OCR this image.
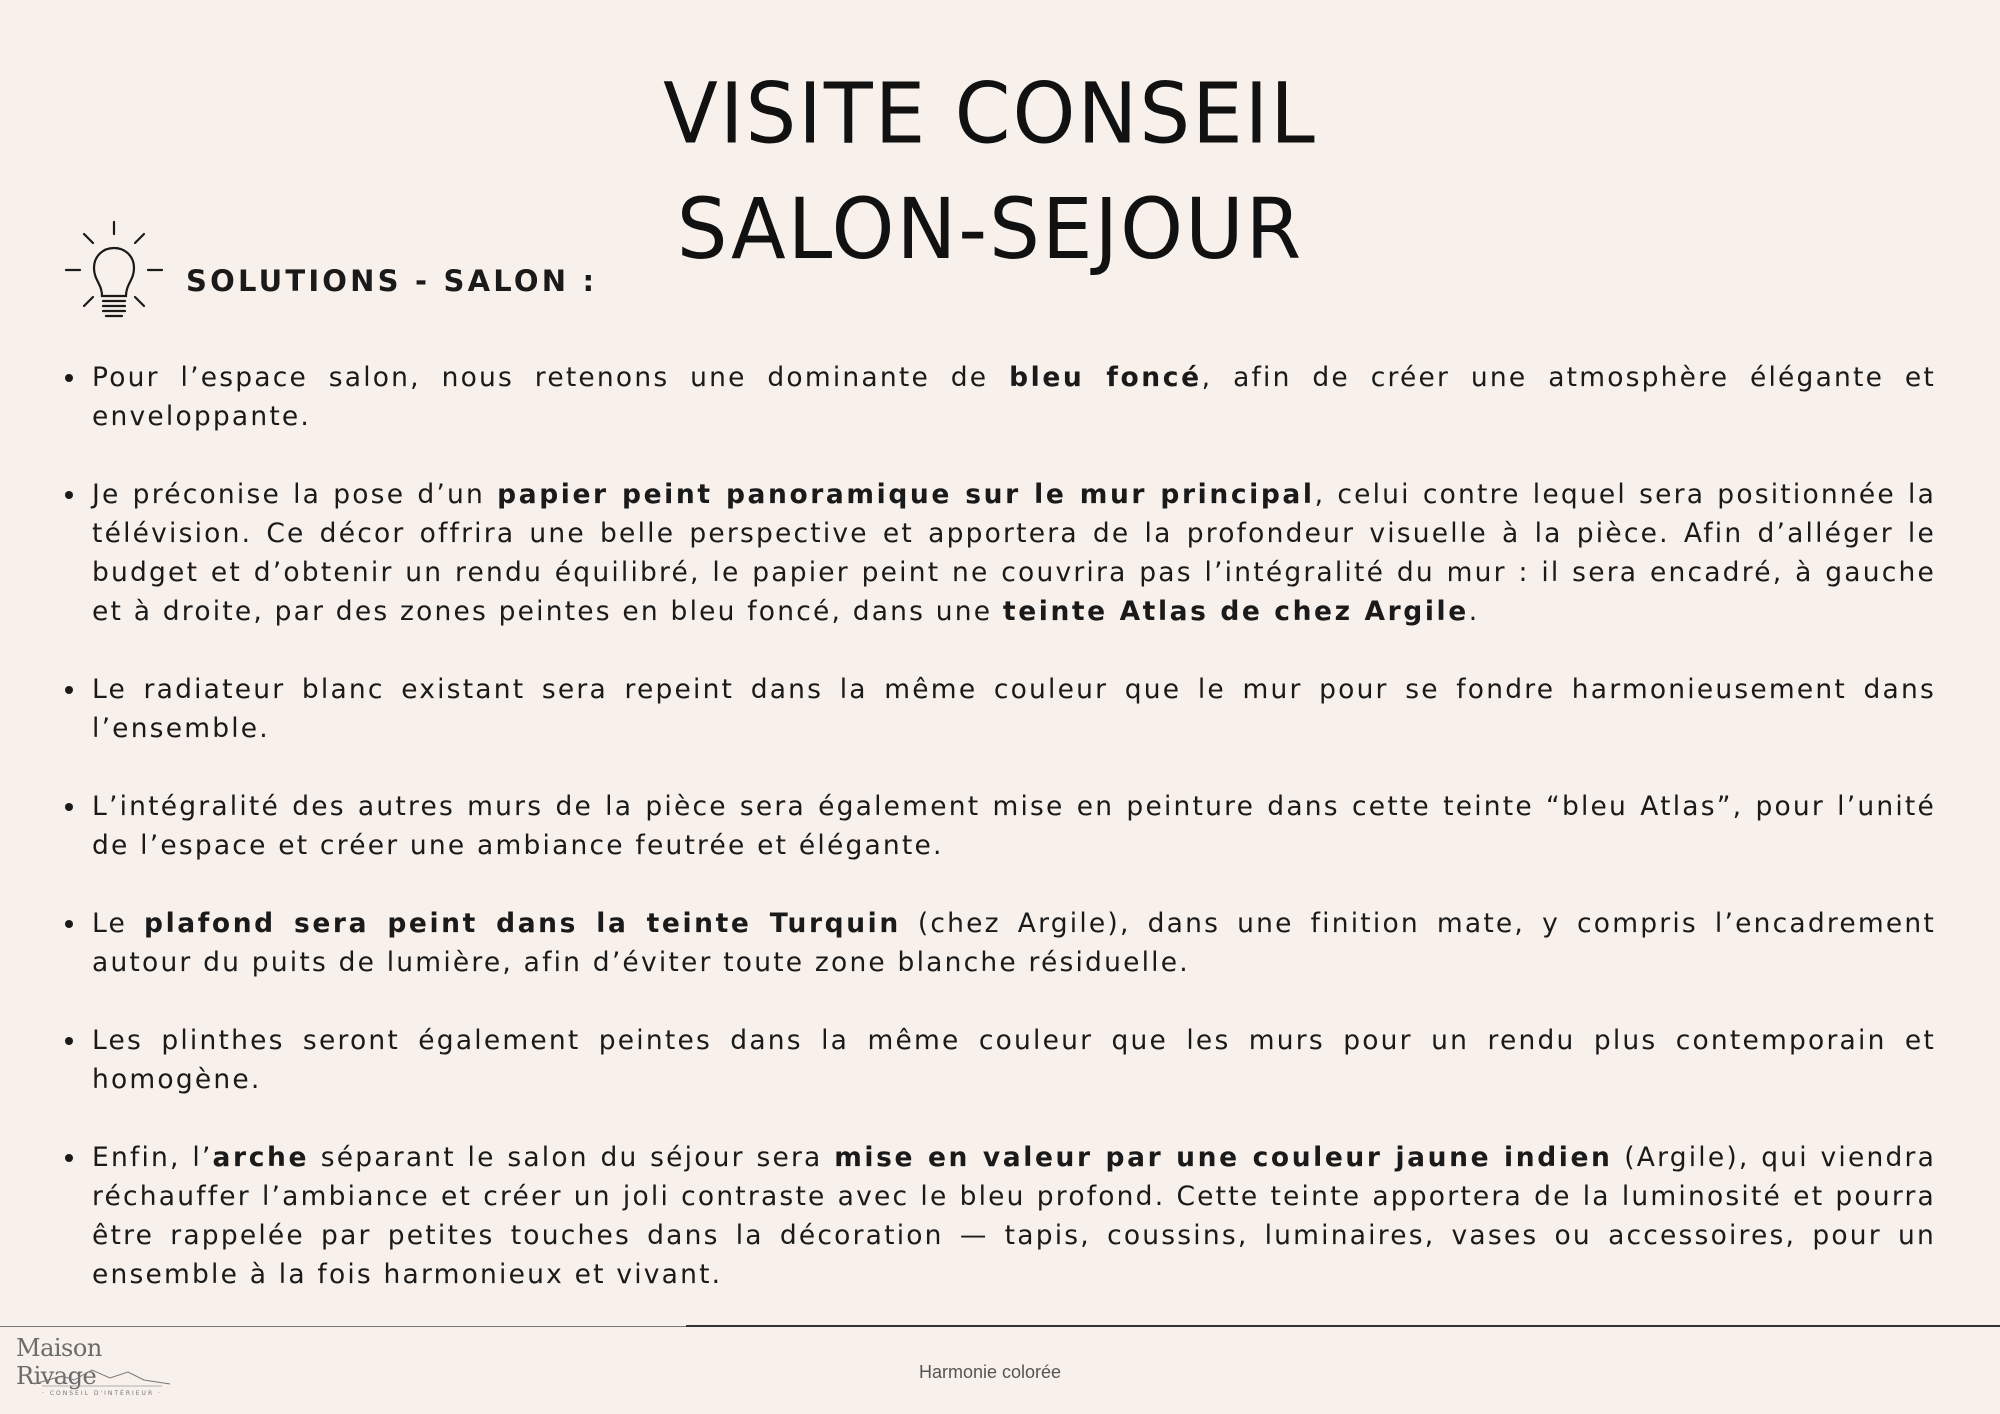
VISITE CONSEIL
SALON-SEJOUR
SOLUTIONS - SALON :
Pour l’espace salon, nous retenons une dominante de bleu foncé, afin de créer une atmosphère élégante et enveloppante.
Je préconise la pose d’un papier peint panoramique sur le mur principal, celui contre lequel sera positionnée la télévision. Ce décor offrira une belle perspective et apportera de la profondeur visuelle à la pièce. Afin d’alléger le budget et d’obtenir un rendu équilibré, le papier peint ne couvrira pas l’intégralité du mur : il sera encadré, à gauche et à droite, par des zones peintes en bleu foncé, dans une teinte Atlas de chez Argile.
Le radiateur blanc existant sera repeint dans la même couleur que le mur pour se fondre harmonieusement dans l’ensemble.
L’intégralité des autres murs de la pièce sera également mise en peinture dans cette teinte “bleu Atlas”, pour l’unité de l’espace et créer une ambiance feutrée et élégante.
Le plafond sera peint dans la teinte Turquin (chez Argile), dans une finition mate, y compris l’encadrement autour du puits de lumière, afin d’éviter toute zone blanche résiduelle.
Les plinthes seront également peintes dans la même couleur que les murs pour un rendu plus contemporain et homogène.
Enfin, l’arche séparant le salon du séjour sera mise en valeur par une couleur jaune indien (Argile), qui viendra réchauffer l’ambiance et créer un joli contraste avec le bleu profond. Cette teinte apportera de la luminosité et pourra être rappelée par petites touches dans la décoration — tapis, coussins, luminaires, vases ou accessoires, pour un ensemble à la fois harmonieux et vivant.
Maison Rivage
· CONSEIL D'INTÉRIEUR ·
Harmonie colorée
